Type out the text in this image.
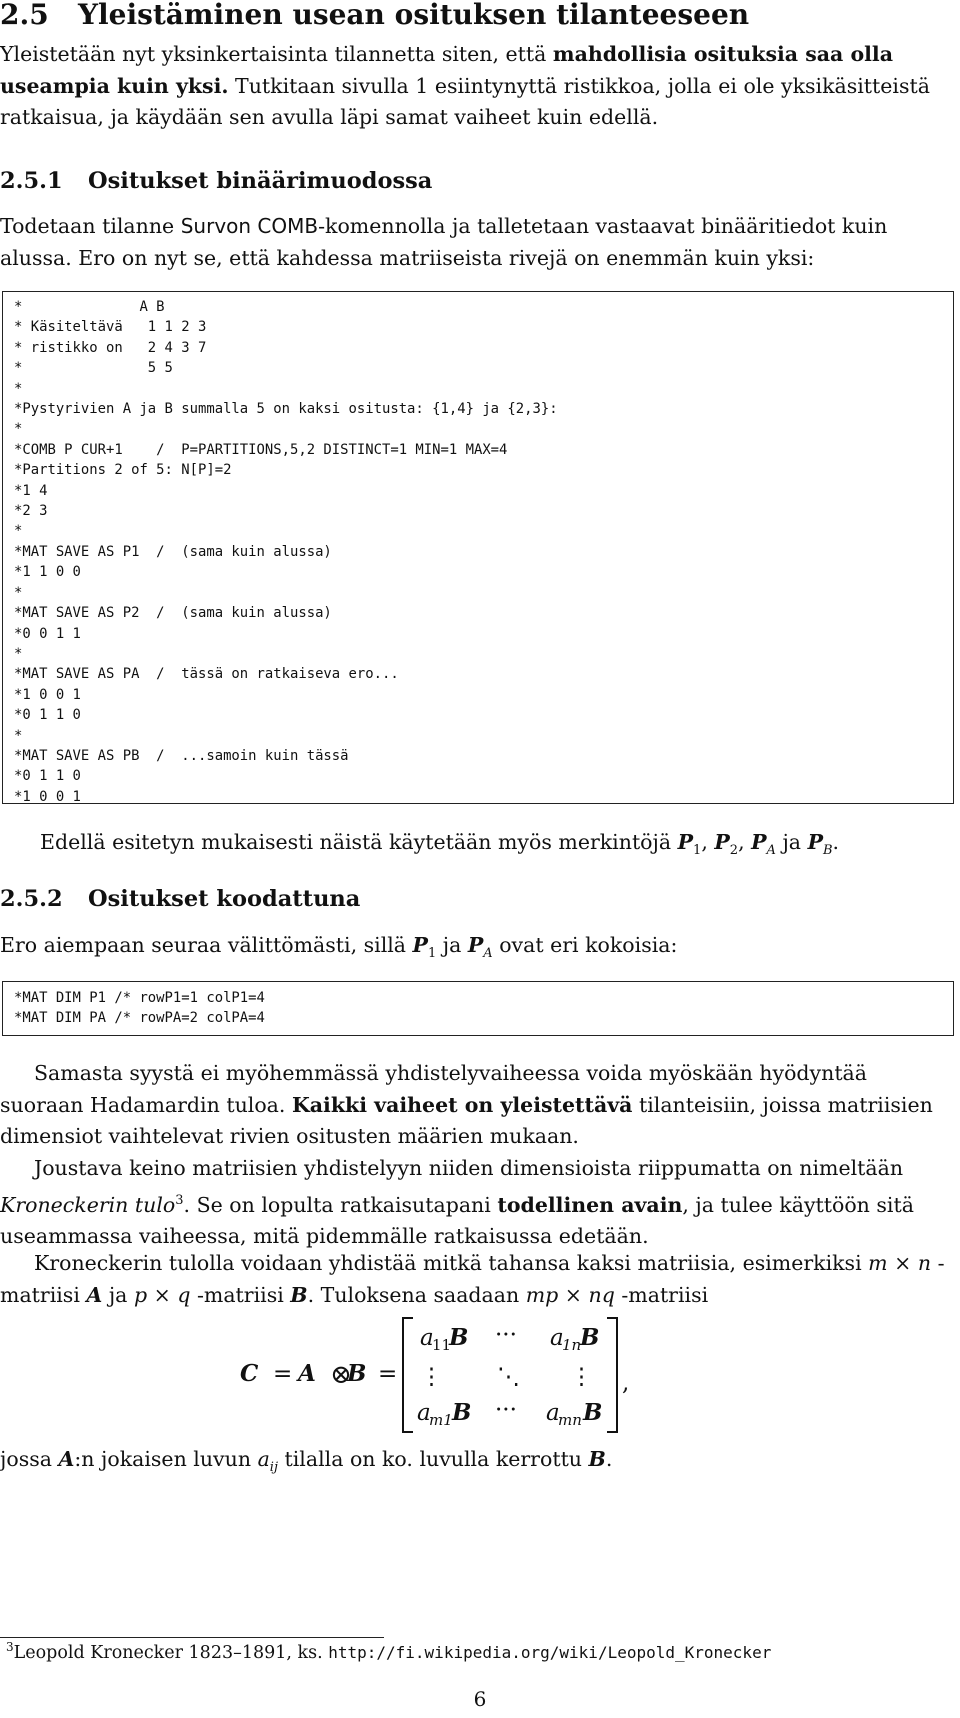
2.5 Yleistäminen usean osituksen tilanteeseen
Yleistetään nyt yksinkertaisinta tilannetta siten, että mahdollisia osituksia saa olla useampia kuin yksi. Tutkitaan sivulla 1 esiintynyttä ristikkoa, jolla ei ole yksikäsitteistä ratkaisua, ja käydään sen avulla läpi samat vaiheet kuin edellä.
2.5.1 Ositukset binäärimuodossa
Todetaan tilanne Survon COMB-komennolla ja talletetaan vastaavat binääritiedot kuin alussa. Ero on nyt se, että kahdessa matriiseista rivejä on enemmän kuin yksi:
*              A B
* Käsiteltävä   1 1 2 3
* ristikko on   2 4 3 7
*               5 5
*
*Pystyrivien A ja B summalla 5 on kaksi ositusta: {1,4} ja {2,3}:
*
*COMB P CUR+1    /  P=PARTITIONS,5,2 DISTINCT=1 MIN=1 MAX=4
*Partitions 2 of 5: N[P]=2
*1 4
*2 3
*
*MAT SAVE AS P1  /  (sama kuin alussa)
*1 1 0 0
*
*MAT SAVE AS P2  /  (sama kuin alussa)
*0 0 1 1
*
*MAT SAVE AS PA  /  tässä on ratkaiseva ero...
*1 0 0 1
*0 1 1 0
*
*MAT SAVE AS PB  /  ...samoin kuin tässä
*0 1 1 0
*1 0 0 1
Edellä esitetyn mukaisesti näistä käytetään myös merkintöjä $P_1$, $P_2$, $P_A$ ja $P_B$.
2.5.2 Ositukset koodattuna
Ero aiempaan seuraa välittömästi, sillä $P_1$ ja $P_A$ ovat eri kokoisia:
*MAT DIM P1 /* rowP1=1 colP1=4
*MAT DIM PA /* rowPA=2 colPA=4
Samasta syystä ei myöhemmässä yhdistelyvaiheessa voida myöskään hyödyntää suoraan Hadamardin tuloa. Kaikki vaiheet on yleistettävä tilanteisiin, joissa matriisien dimensiot vaihtelevat rivien ositusten määrien mukaan.
Joustava keino matriisien yhdistelyyn niiden dimensioista riippumatta on nimeltään Kroneckerin tulo$^3$. Se on lopulta ratkaisutapani todellinen avain, ja tulee käyttöön sitä useammassa vaiheessa, mitä pidemmälle ratkaisussa edetään.
Kroneckerin tulolla voidaan yhdistää mitkä tahansa kaksi matriisia, esimerkiksi m × n -matriisi A ja p × q -matriisi B. Tuloksena saadaan mp × nq -matriisi
C = A ⊗
B =
a
11
B ··· a
1n
B
⋮ ⋱ ⋮
a
m1 B ··· a
mn B
,
jossa A:n jokaisen luvun $a_{ij}$ tilalla on ko. luvulla kerrottu B.
$^3$Leopold Kronecker 1823–1891, ks. http://fi.wikipedia.org/wiki/Leopold_Kronecker
6
